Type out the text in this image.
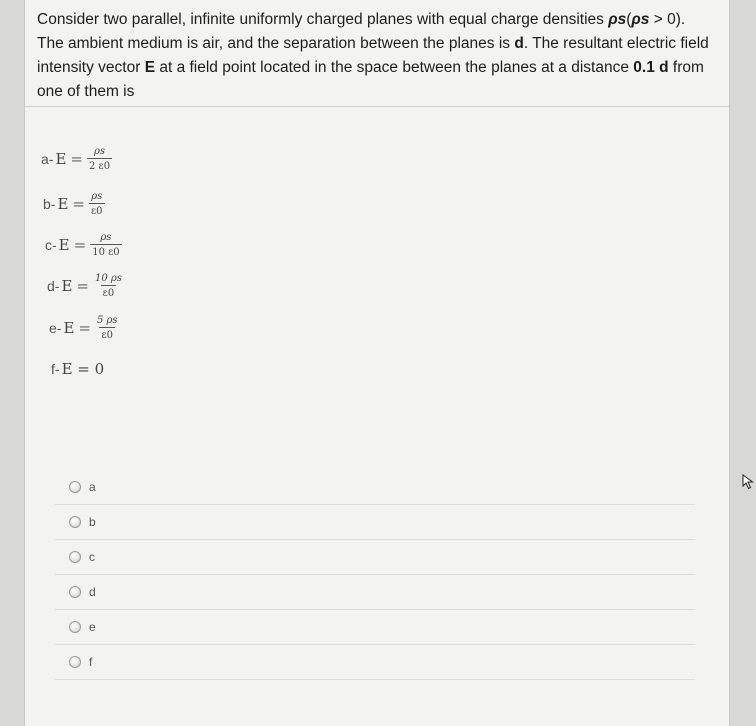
Consider two parallel, infinite uniformly charged planes with equal charge densities ρs(ρs > 0).
The ambient medium is air, and the separation between the planes is d. The resultant electric field
intensity vector E at a field point located in the space between the planes at a distance 0.1 d from
one of them is
a- $E = \frac{\rho s}{2 \varepsilon 0}$
b- $E = \frac{\rho s}{\varepsilon 0}$
c- $E = \frac{\rho s}{10 \varepsilon 0}$
d- $E = \frac{10 \rho s}{\varepsilon 0}$
e- $E = \frac{5 \rho s}{\varepsilon 0}$
f- E = 0
a
b
c
d
e
f
